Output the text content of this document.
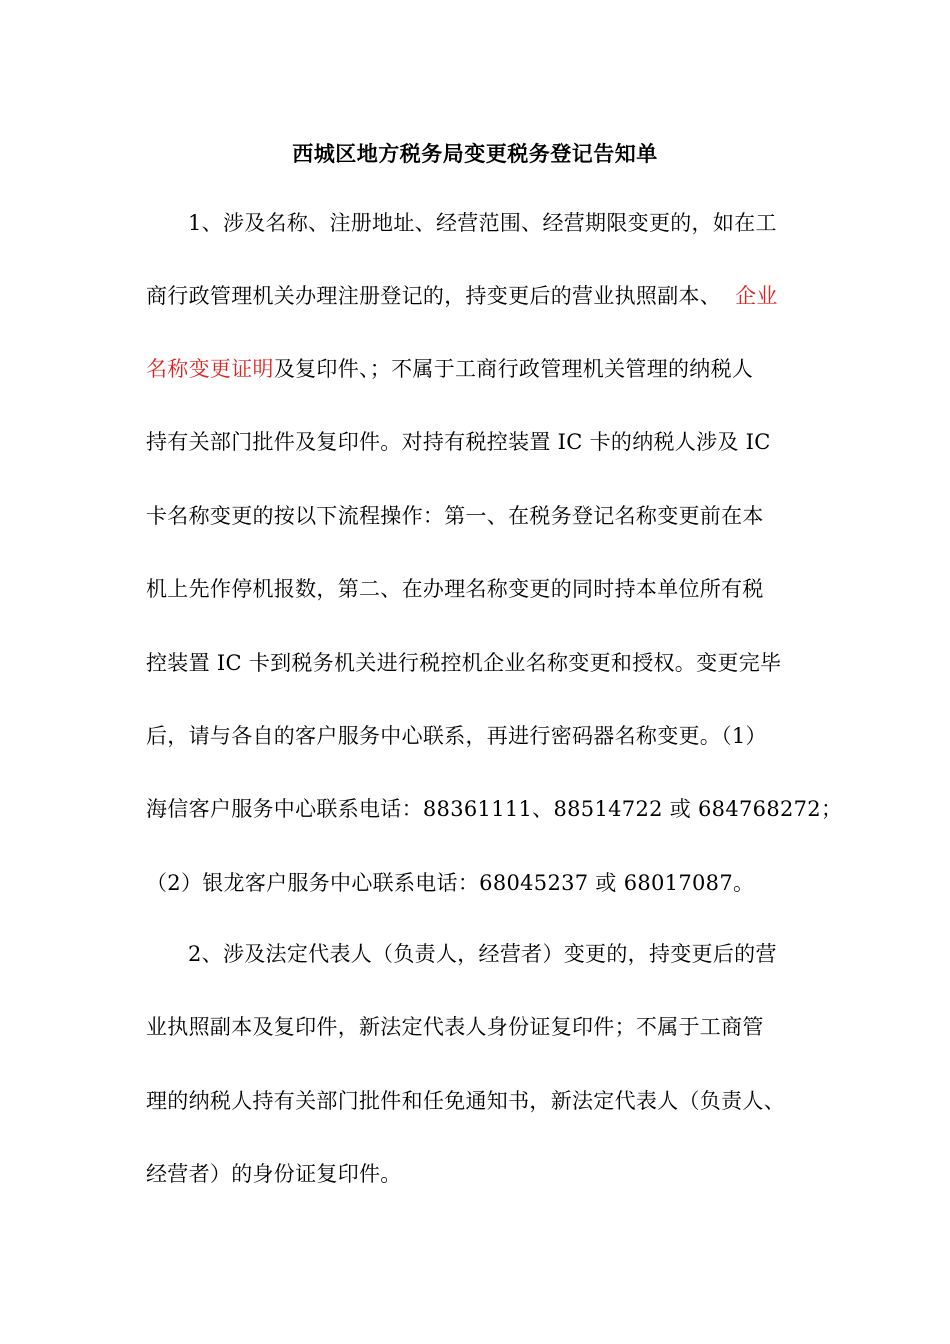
西城区地方税务局变更税务登记告知单
1、涉及名称、注册地址、经营范围、经营期限变更的，如在工
商行政管理机关办理注册登记的，持变更后的营业执照副本、 企业
名称变更证明及复印件、；不属于工商行政管理机关管理的纳税人
持有关部门批件及复印件。对持有税控装置 IC 卡的纳税人涉及 IC
卡名称变更的按以下流程操作：第一、在税务登记名称变更前在本
机上先作停机报数，第二、在办理名称变更的同时持本单位所有税
控装置 IC 卡到税务机关进行税控机企业名称变更和授权。变更完毕
后，请与各自的客户服务中心联系，再进行密码器名称变更。（1）
海信客户服务中心联系电话：88361111、88514722 或 684768272；
（2）银龙客户服务中心联系电话：68045237 或 68017087。
2、涉及法定代表人（负责人，经营者）变更的，持变更后的营
业执照副本及复印件，新法定代表人身份证复印件；不属于工商管
理的纳税人持有关部门批件和任免通知书，新法定代表人（负责人、
经营者）的身份证复印件。
